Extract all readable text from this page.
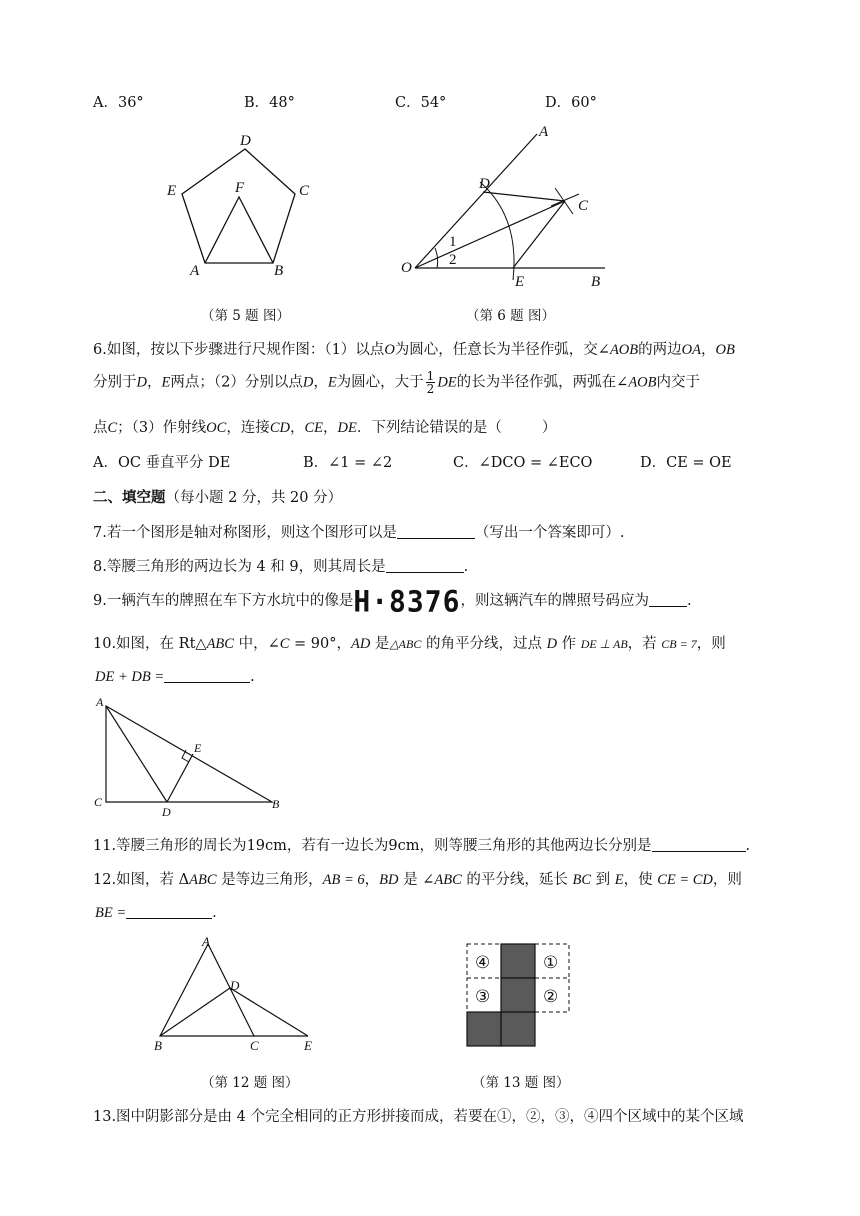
A．36°	B．48°	C．54°	D．60°
D
E	C
F
A	B
（第 5 题 图）
A
D
C
O
E	B
1
2
（第 6 题 图）
6.如图，按以下步骤进行尺规作图：（1）以点O为圆心，任意长为半径作弧，交∠AOB的两边OA，OB
分别于D，E两点；（2）分别以点D，E为圆心，大于 $\frac{1}{2}$ DE的长为半径作弧，两弧在∠AOB内交于
点C；（3）作射线OC，连接CD，CE，DE．下列结论错误的是（	）
A．OC 垂直平分 DE	B．∠1 = ∠2	C．∠DCO = ∠ECO	D．CE = OE
二、填空题（每小题 2 分，共 20 分）
7.若一个图形是轴对称图形，则这个图形可以是	（写出一个答案即可）.
8.等腰三角形的两边长为 4 和 9，则其周长是	.
9.一辆汽车的牌照在车下方水坑中的像是H·8376，则这辆汽车的牌照号码应为	.
10.如图，在 Rt△ABC 中，∠C = 90°，AD 是△ABC 的角平分线，过点 D 作 DE ⊥ AB，若 CB = 7，则
DE + DB =	.
A
E
C
D
B
11.等腰三角形的周长为19cm，若有一边长为9cm，则等腰三角形的其他两边长分别是	.
12.如图，若 ΔABC 是等边三角形，AB = 6，BD 是 ∠ABC 的平分线，延长 BC 到 E，使 CE = CD，则
BE =	.
A
D
B	C	E
（第 12 题 图）
④
③
①
②
（第 13 题 图）
13.图中阴影部分是由 4 个完全相同的正方形拼接而成，若要在①，②，③，④四个区域中的某个区域
